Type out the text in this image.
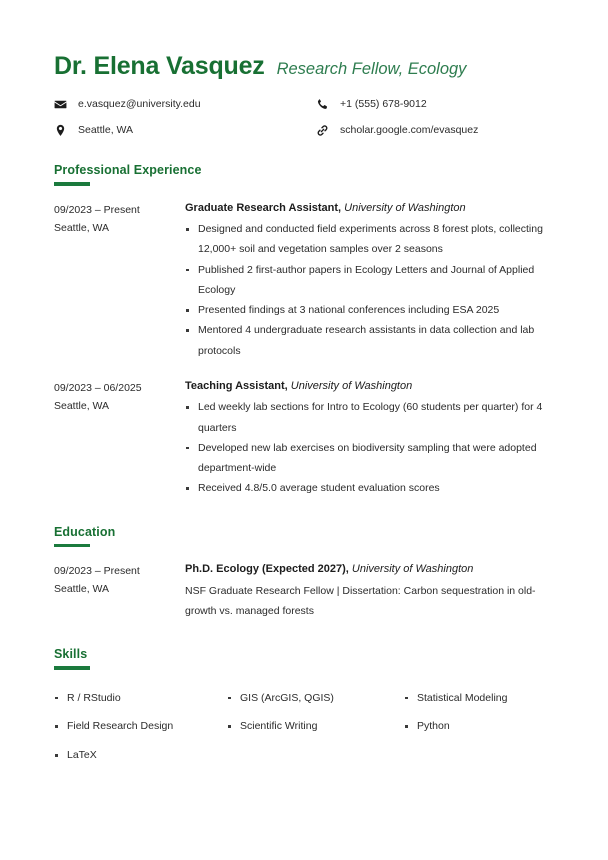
Dr. Elena Vasquez Research Fellow, Ecology
e.vasquez@university.edu	+1 (555) 678-9012
Seattle, WA	scholar.google.com/evasquez
Professional Experience
09/2023 – Present
Seattle, WA
Graduate Research Assistant, University of Washington
Designed and conducted field experiments across 8 forest plots, collecting 12,000+ soil and vegetation samples over 2 seasons
Published 2 first-author papers in Ecology Letters and Journal of Applied Ecology
Presented findings at 3 national conferences including ESA 2025
Mentored 4 undergraduate research assistants in data collection and lab protocols
09/2023 – 06/2025
Seattle, WA
Teaching Assistant, University of Washington
Led weekly lab sections for Intro to Ecology (60 students per quarter) for 4 quarters
Developed new lab exercises on biodiversity sampling that were adopted department-wide
Received 4.8/5.0 average student evaluation scores
Education
09/2023 – Present
Seattle, WA
Ph.D. Ecology (Expected 2027), University of Washington
NSF Graduate Research Fellow | Dissertation: Carbon sequestration in old-growth vs. managed forests
Skills
R / RStudio
Field Research Design
LaTeX
GIS (ArcGIS, QGIS)
Scientific Writing
Statistical Modeling
Python
